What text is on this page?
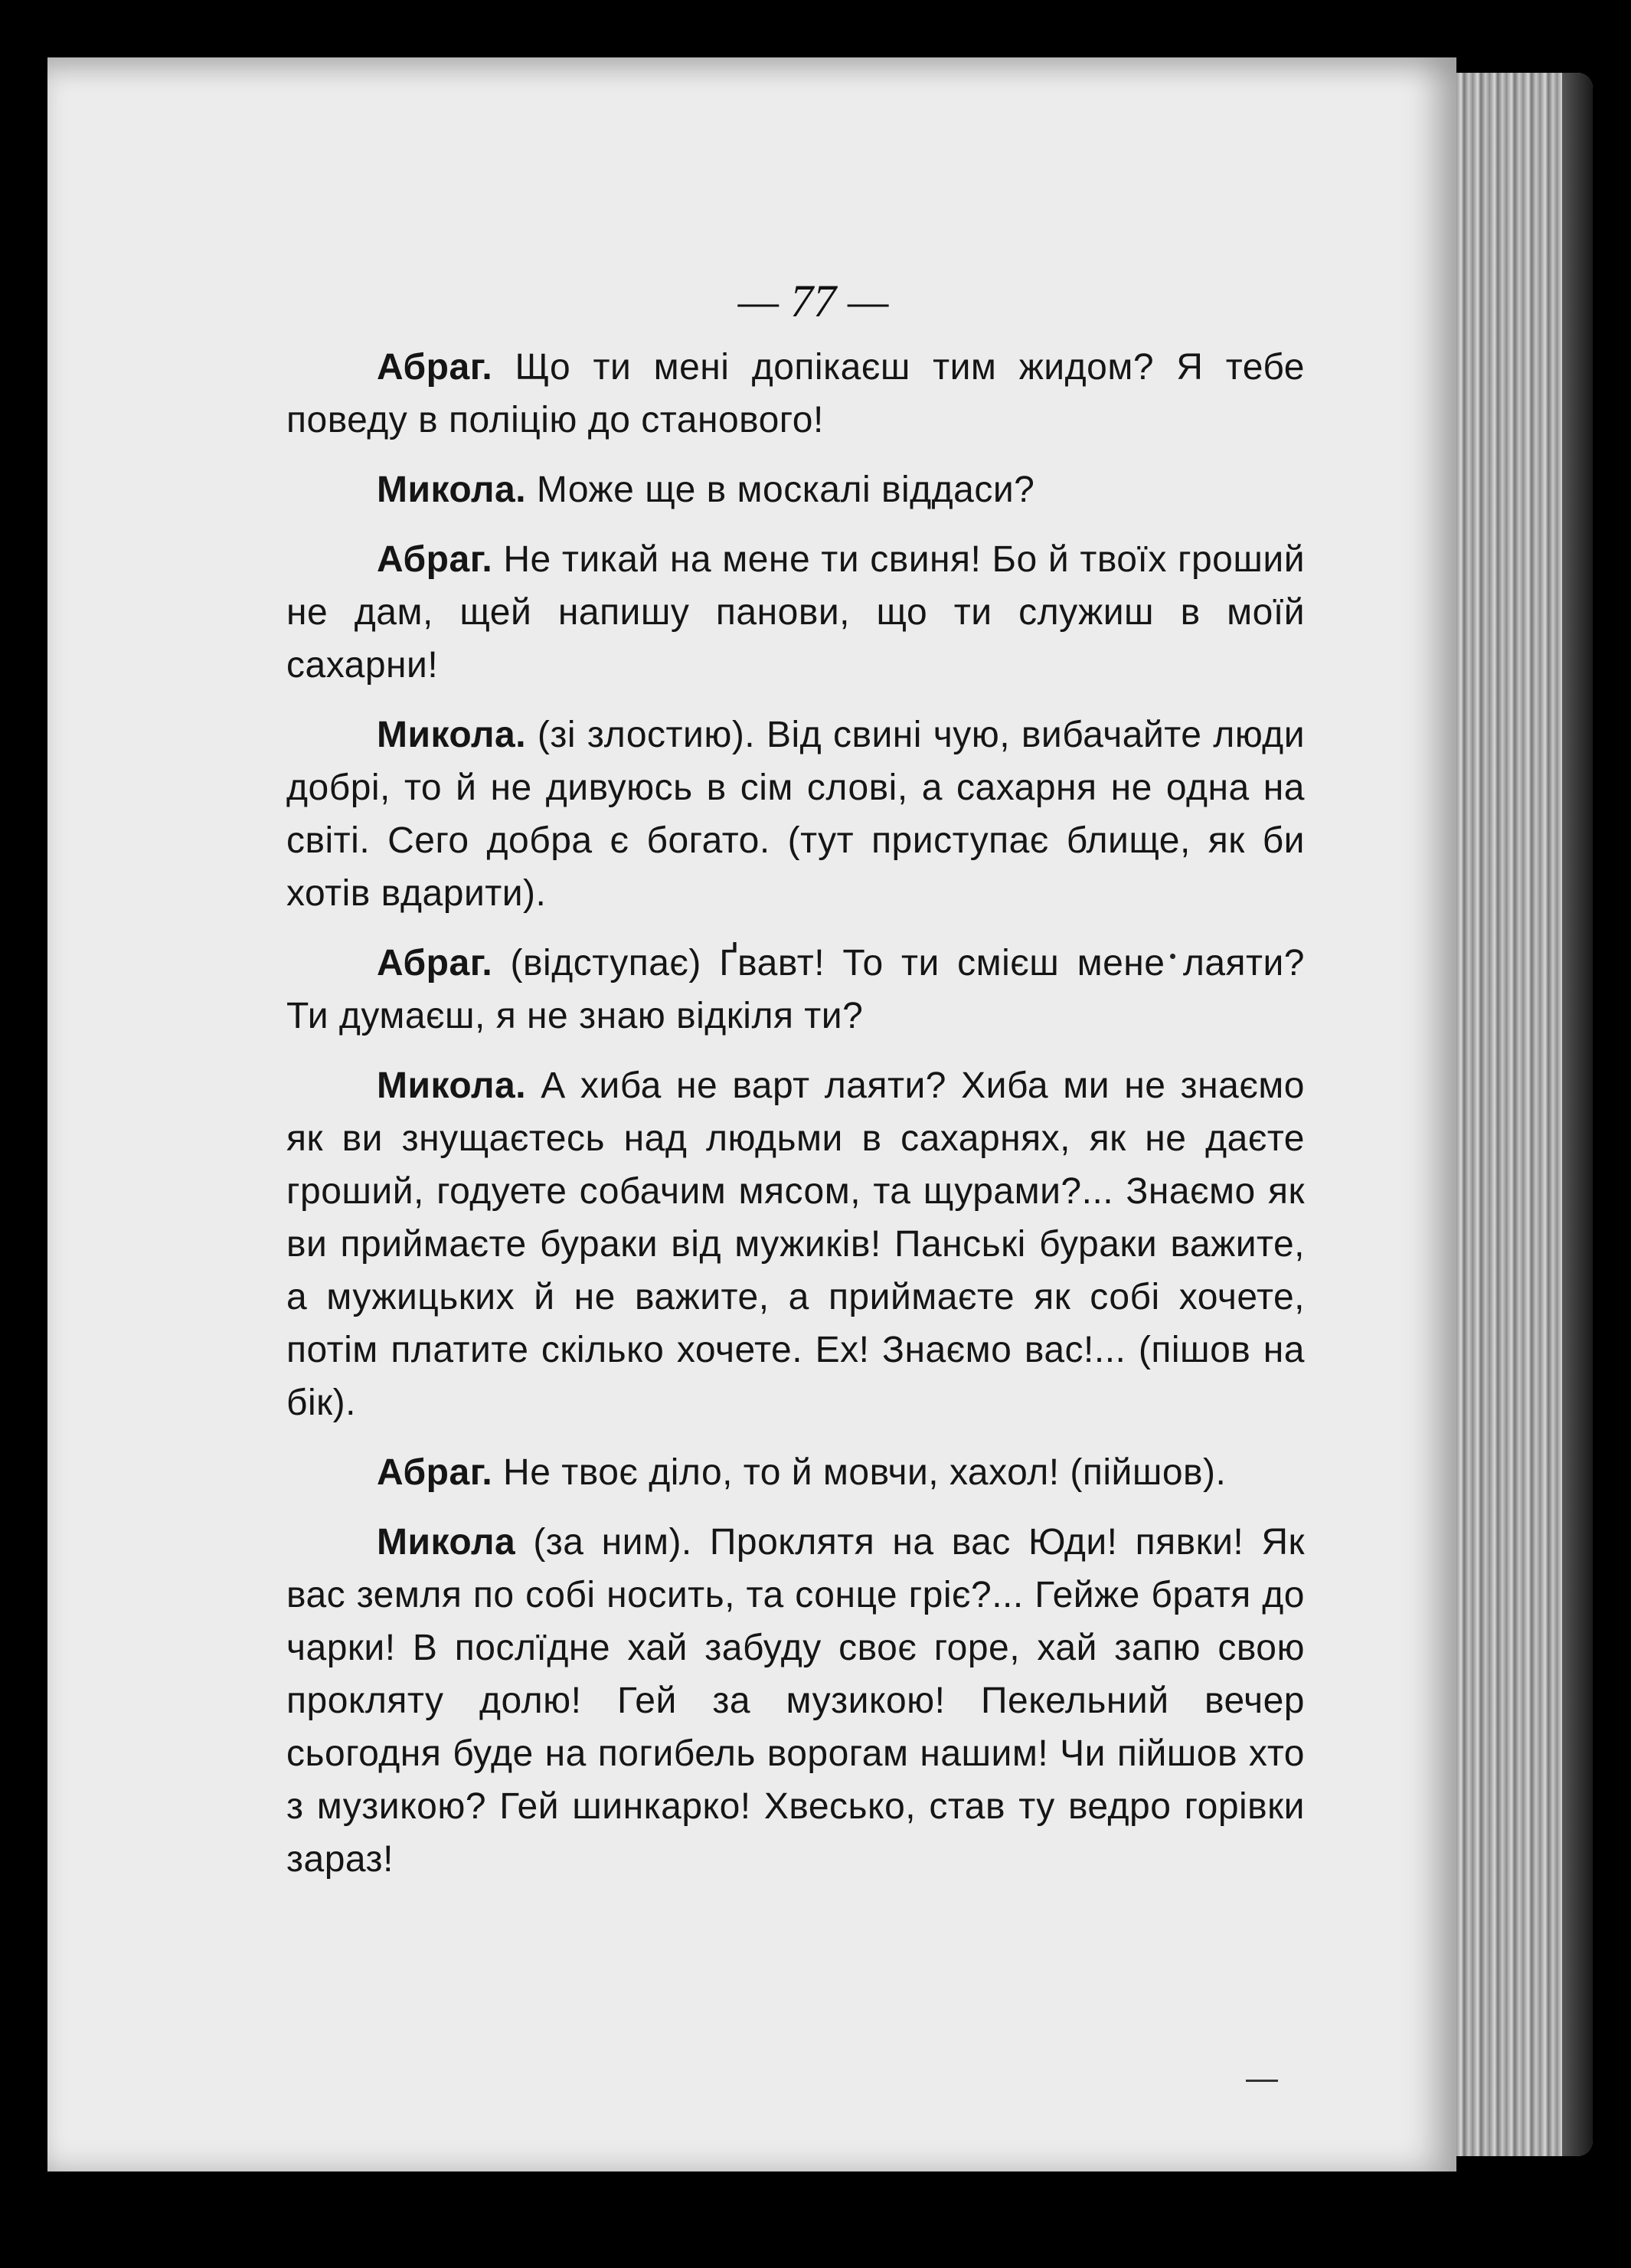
— 77 —

Абраг. Що ти мені допікаєш тим жидом? Я тебе поведу в поліцію до станового!

Микола. Може ще в москалі віддаси?

Абраг. Не тикай на мене ти свиня! Бо й твоїх гроший не дам, щей напишу панови, що ти служиш в моїй сахарни!

Микола. (зі злостию). Від свині чую, вибачайте люди добрі, то й не дивуюсь в сім слові, а сахарня не одна на світі. Сего добра є богато. (тут приступає блище, як би хотів вдарити).

Абраг. (відступає) Ґвавт! То ти смієш мене лаяти? Ти думаєш, я не знаю відкіля ти?

Микола. А хиба не варт лаяти? Хиба ми не знаємо як ви знущаєтесь над людьми в сахарнях, як не даєте гроший, годуете собачим мясом, та щурами?... Знаємо як ви приймаєте бураки від мужиків! Панські бураки важите, а мужицьких й не важите, а приймаєте як собі хочете, потім платите скілько хочете. Ех! Знаємо вас!... (пішов на бік).

Абраг. Не твоє діло, то й мовчи, хахол! (пійшов).

Микола (за ним). Проклятя на вас Юди! пявки! Як вас земля по собі носить, та сонце гріє?... Гейже братя до чарки! В послїдне хай забуду своє горе, хай запю свою прокляту долю! Гей за музикою! Пекельний вечер сьогодня буде на погибель ворогам нашим! Чи пійшов хто з музикою? Гей шинкарко! Хвесько, став ту ведро горівки зараз!
